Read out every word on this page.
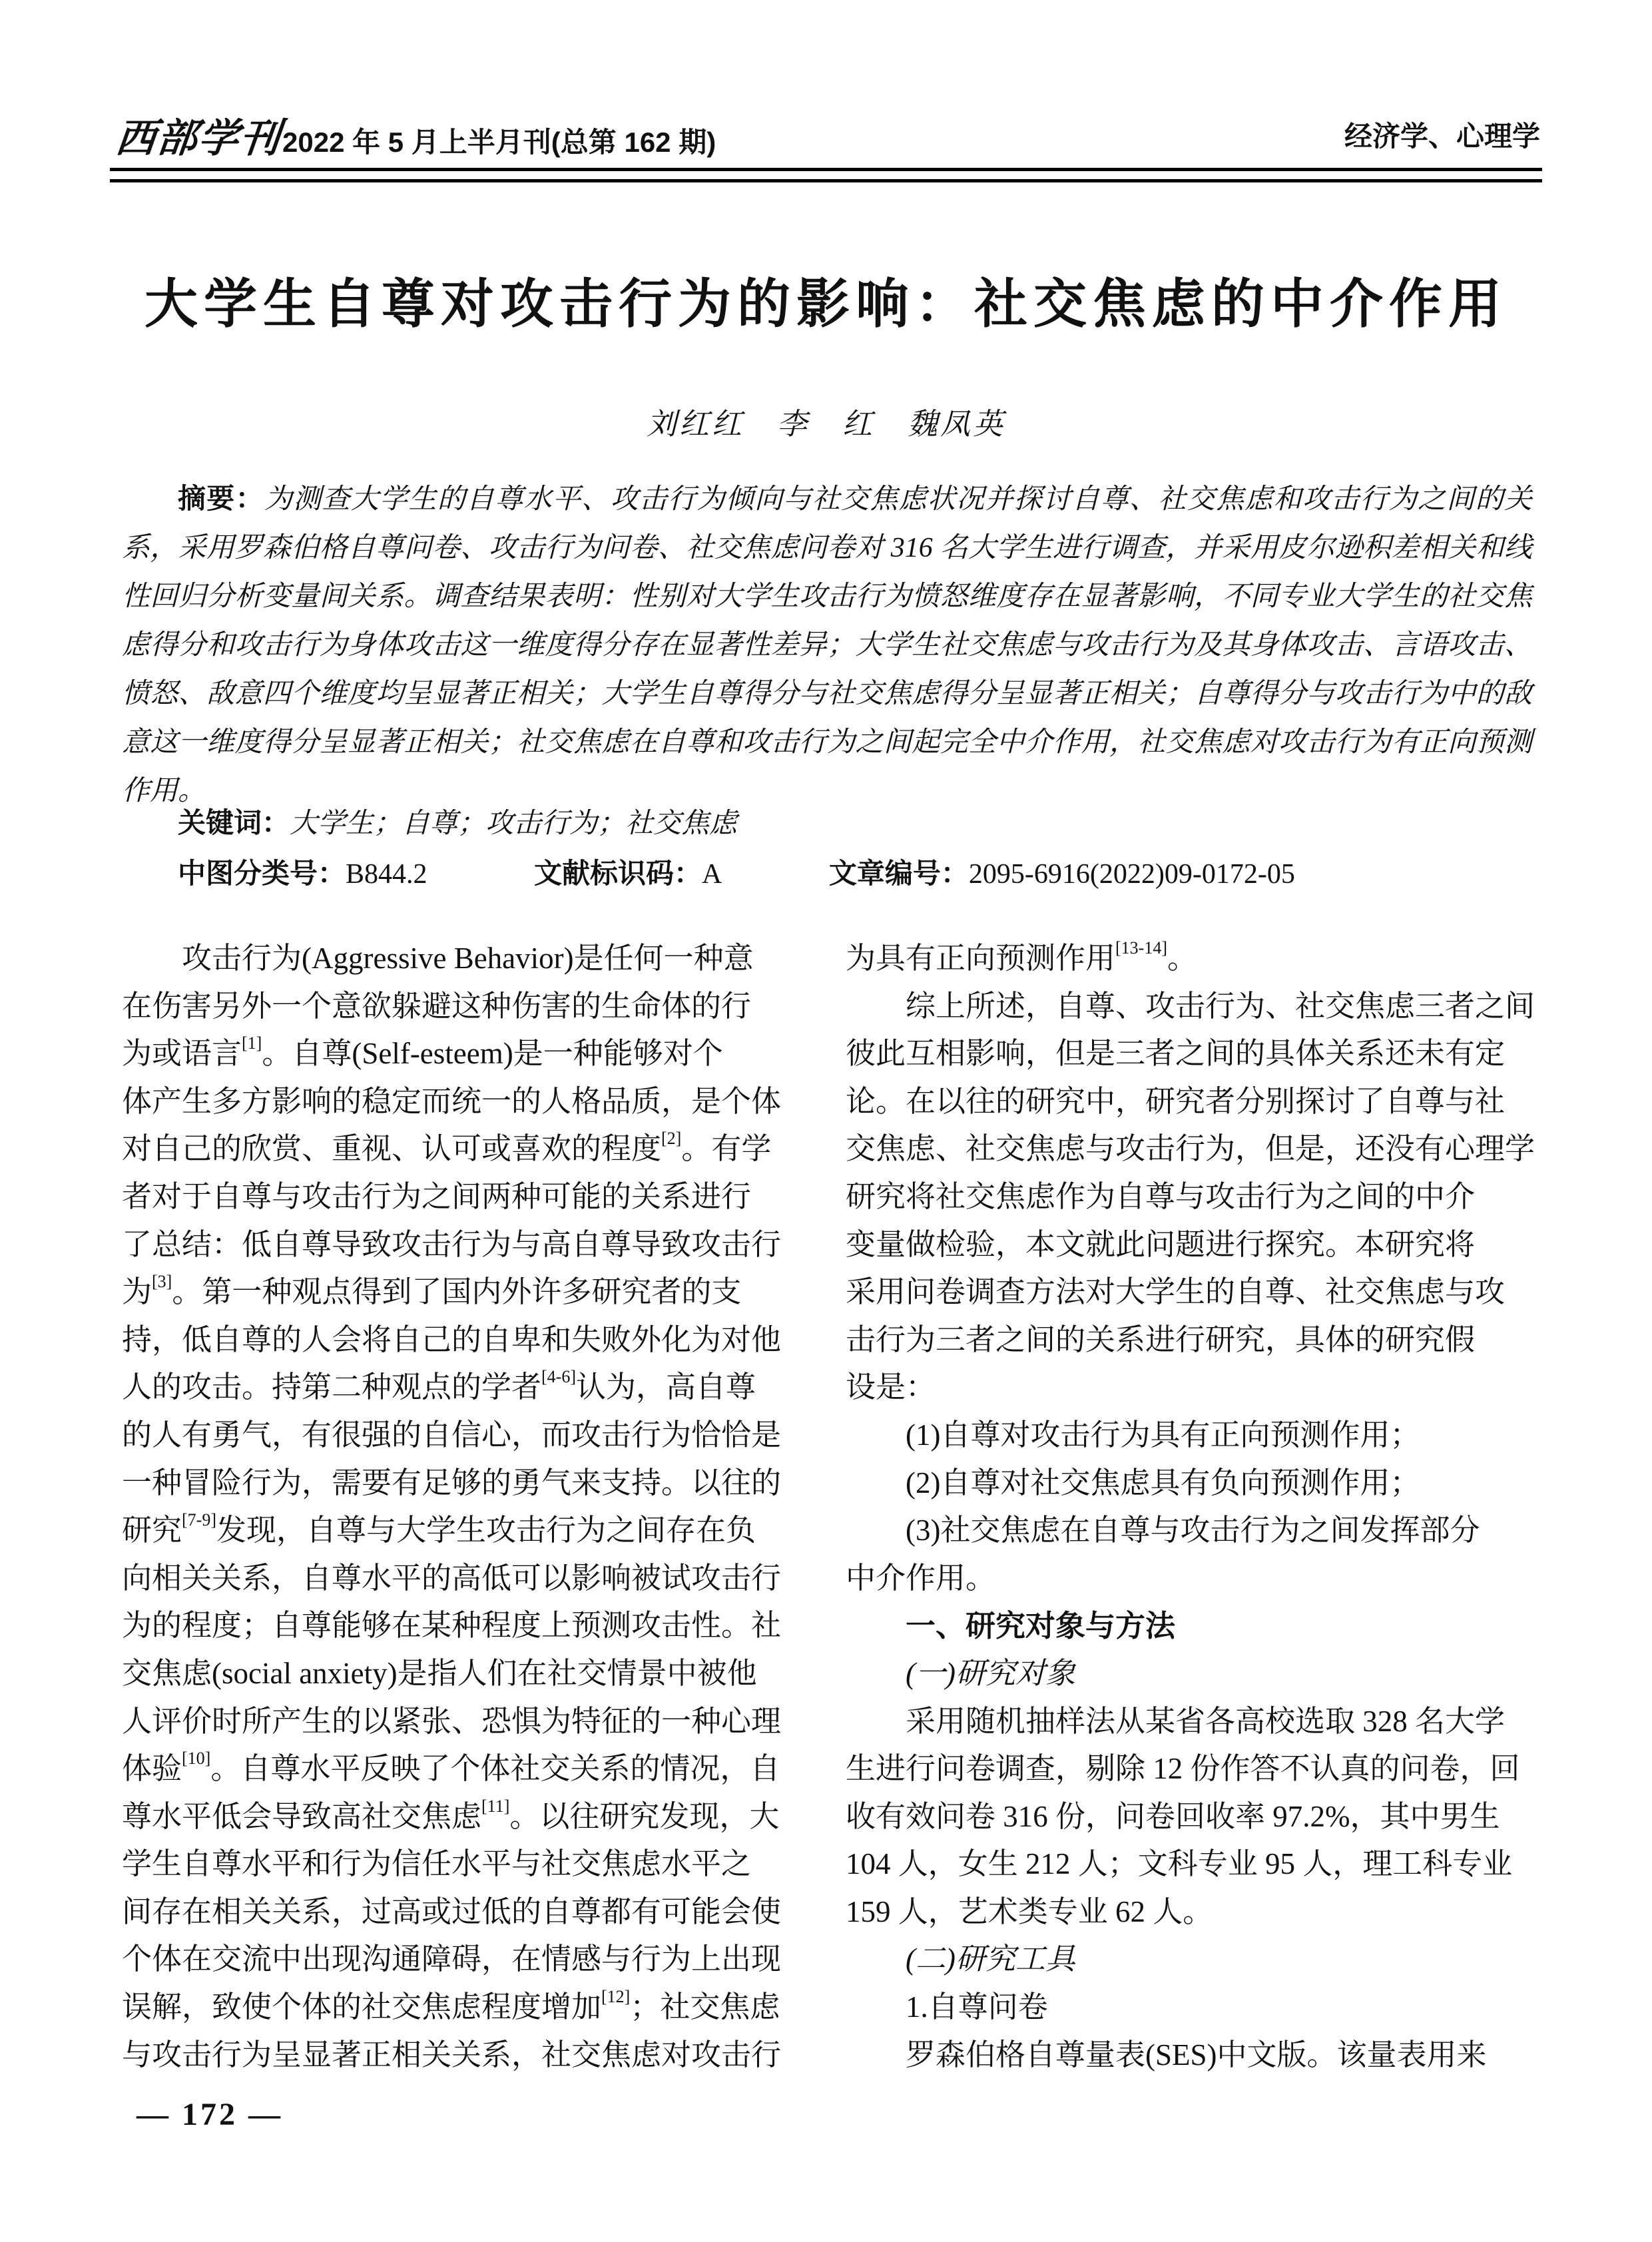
西部学刊
2022 年 5 月上半月刊(总第 162 期)	经济学、心理学
大学生自尊对攻击行为的影响：社交焦虑的中介作用
刘红红　李　红　魏凤英
摘要：为测查大学生的自尊水平、攻击行为倾向与社交焦虑状况并探讨自尊、社交焦虑和攻击行为之间的关系，采用罗森伯格自尊问卷、攻击行为问卷、社交焦虑问卷对 316 名大学生进行调查，并采用皮尔逊积差相关和线性回归分析变量间关系。调查结果表明：性别对大学生攻击行为愤怒维度存在显著影响，不同专业大学生的社交焦虑得分和攻击行为身体攻击这一维度得分存在显著性差异；大学生社交焦虑与攻击行为及其身体攻击、言语攻击、愤怒、敌意四个维度均呈显著正相关；大学生自尊得分与社交焦虑得分呈显著正相关；自尊得分与攻击行为中的敌意这一维度得分呈显著正相关；社交焦虑在自尊和攻击行为之间起完全中介作用，社交焦虑对攻击行为有正向预测作用。
关键词：大学生；自尊；攻击行为；社交焦虑
中图分类号：B844.2	文献标识码：A	文章编号：2095-6916(2022)09-0172-05
　　攻击行为(Aggressive Behavior)是任何一种意
在伤害另外一个意欲躲避这种伤害的生命体的行
为或语言[1]。自尊(Self-esteem)是一种能够对个
体产生多方影响的稳定而统一的人格品质，是个体
对自己的欣赏、重视、认可或喜欢的程度[2]。有学
者对于自尊与攻击行为之间两种可能的关系进行
了总结：低自尊导致攻击行为与高自尊导致攻击行
为[3]。第一种观点得到了国内外许多研究者的支
持，低自尊的人会将自己的自卑和失败外化为对他
人的攻击。持第二种观点的学者[4-6]认为，高自尊
的人有勇气，有很强的自信心，而攻击行为恰恰是
一种冒险行为，需要有足够的勇气来支持。以往的
研究[7-9]发现，自尊与大学生攻击行为之间存在负
向相关关系，自尊水平的高低可以影响被试攻击行
为的程度；自尊能够在某种程度上预测攻击性。社
交焦虑(social anxiety)是指人们在社交情景中被他
人评价时所产生的以紧张、恐惧为特征的一种心理
体验[10]。自尊水平反映了个体社交关系的情况，自
尊水平低会导致高社交焦虑[11]。以往研究发现，大
学生自尊水平和行为信任水平与社交焦虑水平之
间存在相关关系，过高或过低的自尊都有可能会使
个体在交流中出现沟通障碍，在情感与行为上出现
误解，致使个体的社交焦虑程度增加[12]；社交焦虑
与攻击行为呈显著正相关关系，社交焦虑对攻击行
为具有正向预测作用[13-14]。
　　综上所述，自尊、攻击行为、社交焦虑三者之间
彼此互相影响，但是三者之间的具体关系还未有定
论。在以往的研究中，研究者分别探讨了自尊与社
交焦虑、社交焦虑与攻击行为，但是，还没有心理学
研究将社交焦虑作为自尊与攻击行为之间的中介
变量做检验，本文就此问题进行探究。本研究将
采用问卷调查方法对大学生的自尊、社交焦虑与攻
击行为三者之间的关系进行研究，具体的研究假
设是：
　　(1)自尊对攻击行为具有正向预测作用；
　　(2)自尊对社交焦虑具有负向预测作用；
　　(3)社交焦虑在自尊与攻击行为之间发挥部分
中介作用。
　　一、研究对象与方法
　　(一)研究对象
　　采用随机抽样法从某省各高校选取 328 名大学
生进行问卷调查，剔除 12 份作答不认真的问卷，回
收有效问卷 316 份，问卷回收率 97.2%，其中男生
104 人，女生 212 人；文科专业 95 人，理工科专业
159 人，艺术类专业 62 人。
　　(二)研究工具
　　1.自尊问卷
　　罗森伯格自尊量表(SES)中文版。该量表用来
— 172 —
